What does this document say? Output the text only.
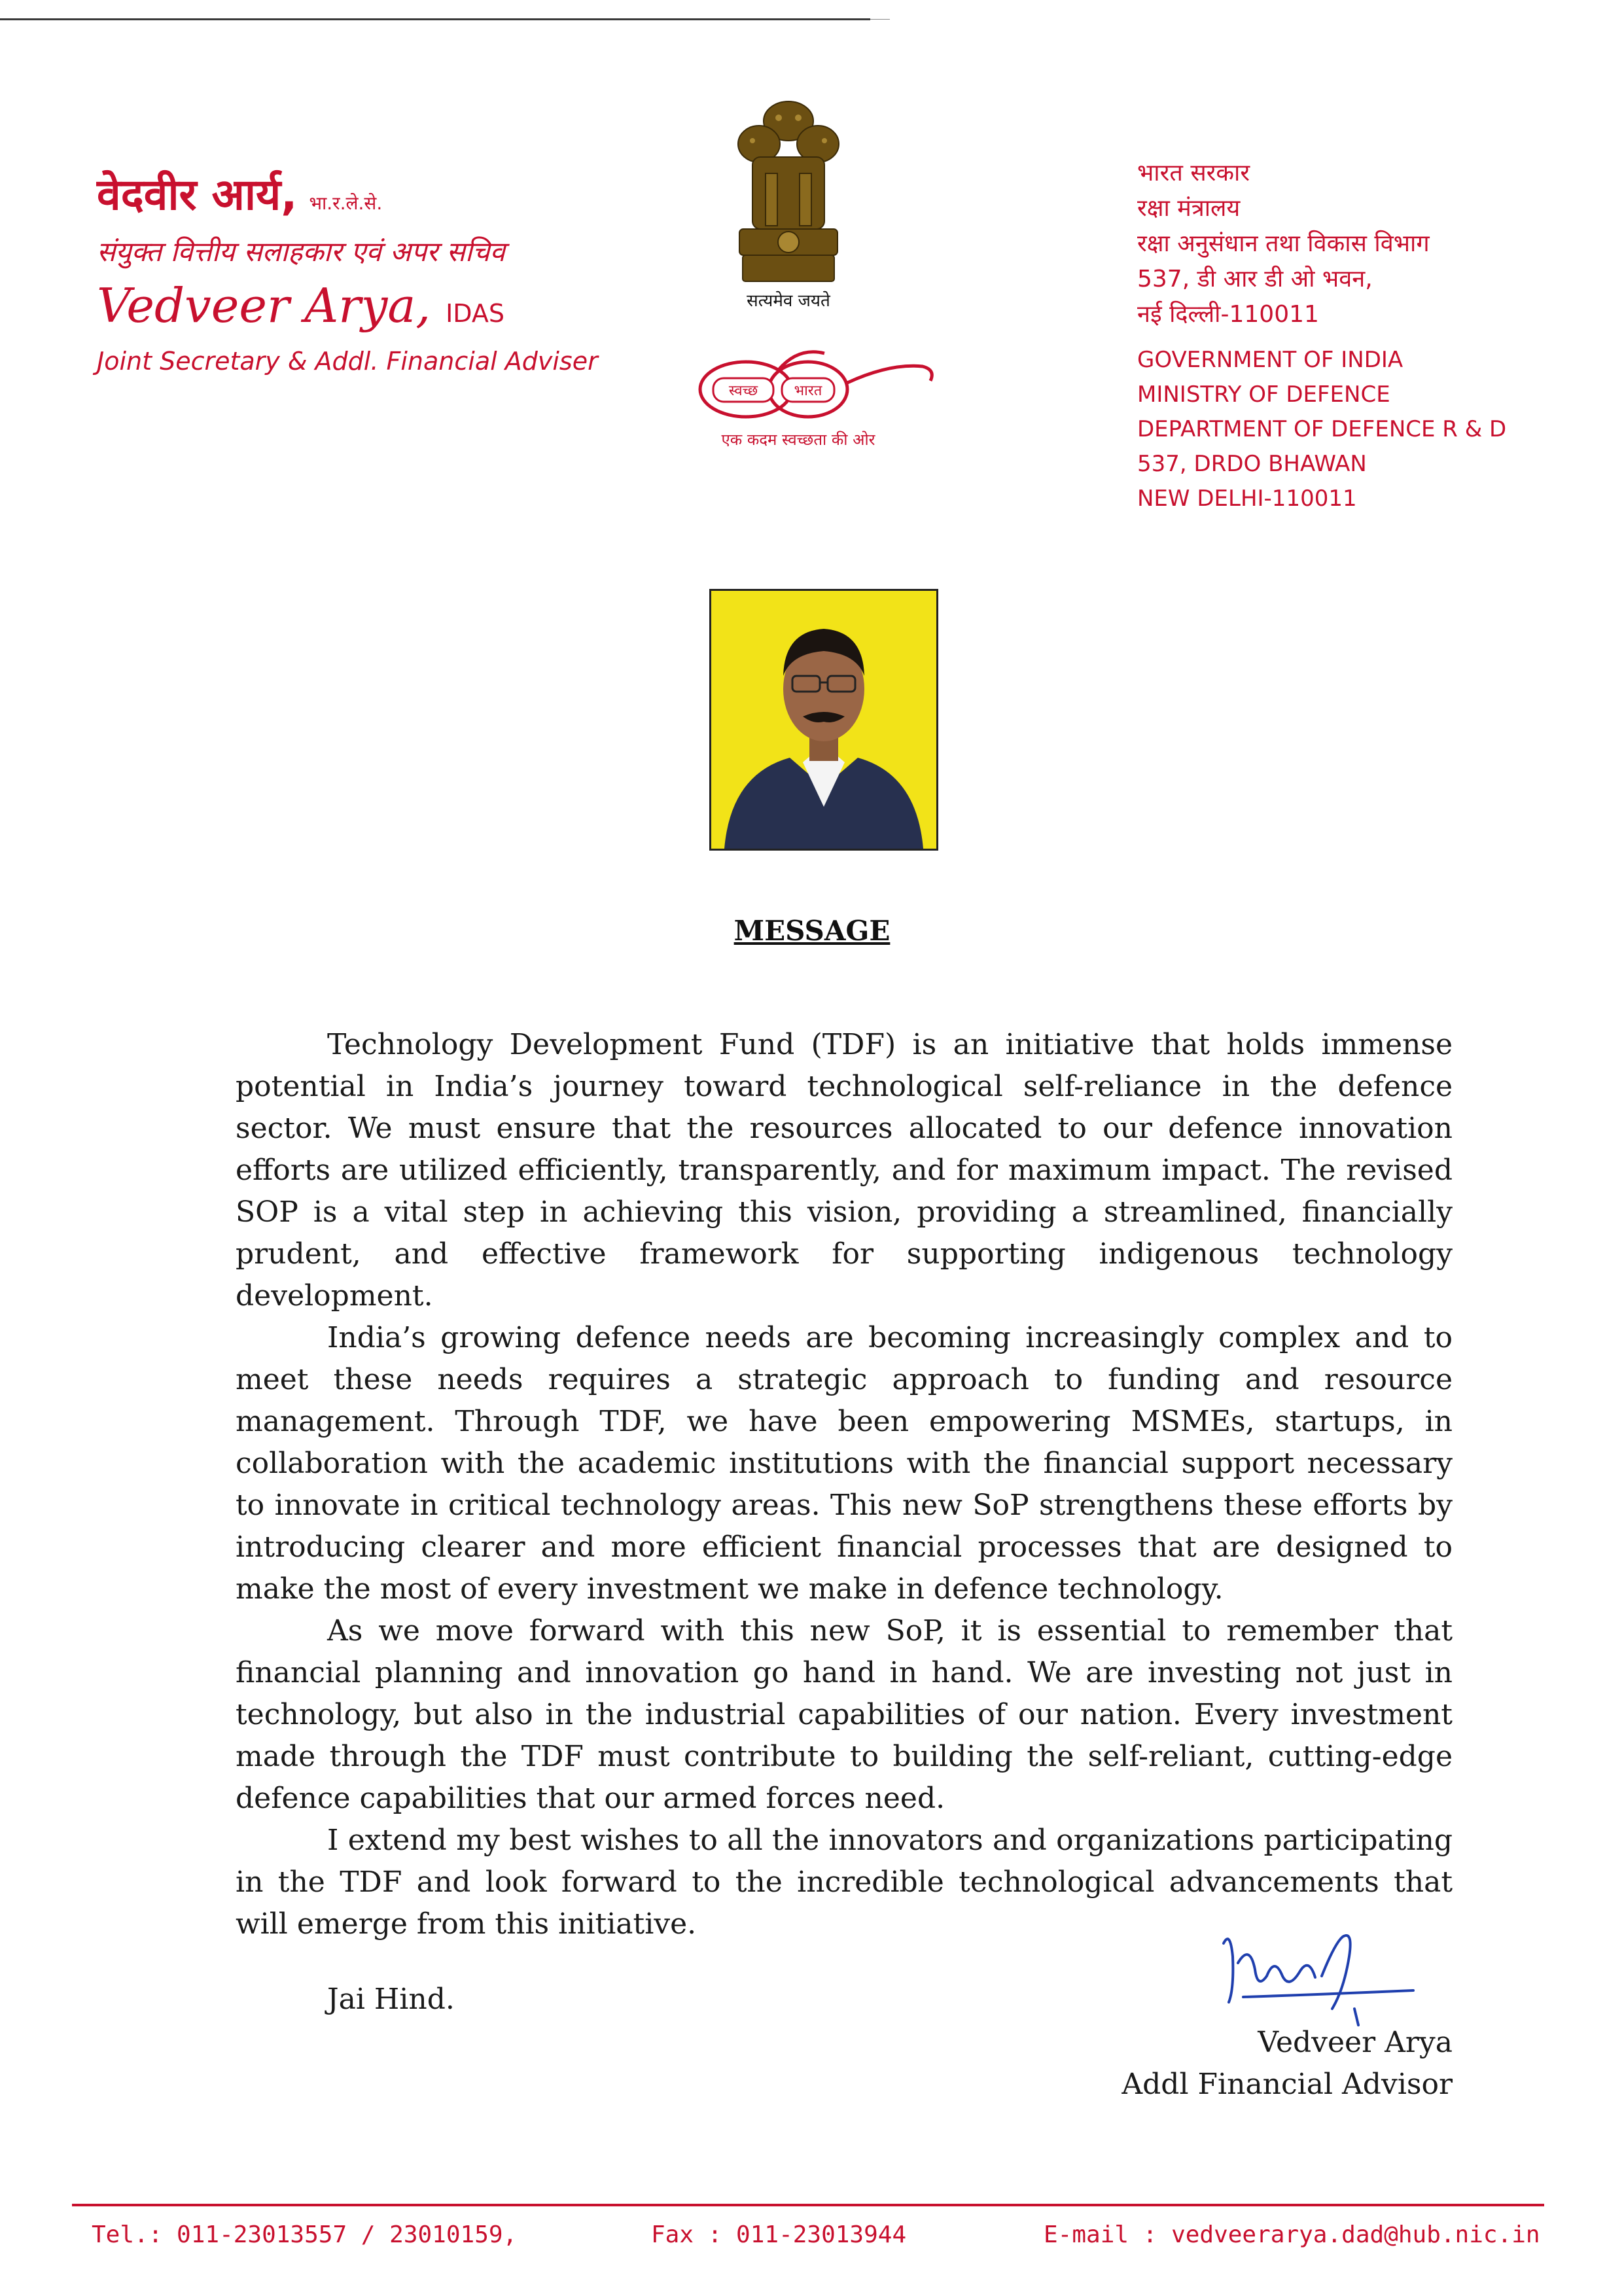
वेदवीर आर्य, भा.र.ले.से.
संयुक्त वित्तीय सलाहकार एवं अपर सचिव
Vedveer Arya, IDAS
Joint Secretary & Addl. Financial Adviser
सत्यमेव जयते
स्वच्छ	भारत
एक कदम स्वच्छता की ओर
भारत सरकार
रक्षा मंत्रालय
रक्षा अनुसंधान तथा विकास विभाग
537, डी आर डी ओ भवन,
नई दिल्ली-110011
GOVERNMENT OF INDIA
MINISTRY OF DEFENCE
DEPARTMENT OF DEFENCE R & D
537, DRDO BHAWAN
NEW DELHI-110011
MESSAGE

Technology Development Fund (TDF) is an initiative that holds immense potential in India’s journey toward technological self-reliance in the defence sector. We must ensure that the resources allocated to our defence innovation efforts are utilized efficiently, transparently, and for maximum impact. The revised SOP is a vital step in achieving this vision, providing a streamlined, financially prudent, and effective framework for supporting indigenous technology development.

India’s growing defence needs are becoming increasingly complex and to meet these needs requires a strategic approach to funding and resource management. Through TDF, we have been empowering MSMEs, startups, in collaboration with the academic institutions with the financial support necessary to innovate in critical technology areas. This new SoP strengthens these efforts by introducing clearer and more efficient financial processes that are designed to make the most of every investment we make in defence technology.

As we move forward with this new SoP, it is essential to remember that financial planning and innovation go hand in hand. We are investing not just in technology, but also in the industrial capabilities of our nation. Every investment made through the TDF must contribute to building the self-reliant, cutting-edge defence capabilities that our armed forces need.

I extend my best wishes to all the innovators and organizations participating in the TDF and look forward to the incredible technological advancements that will emerge from this initiative.

Jai Hind.
Vedveer Arya
Addl Financial Advisor
Tel.: 011-23013557 / 23010159,	Fax : 011-23013944	E-mail : vedveerarya.dad@hub.nic.in
